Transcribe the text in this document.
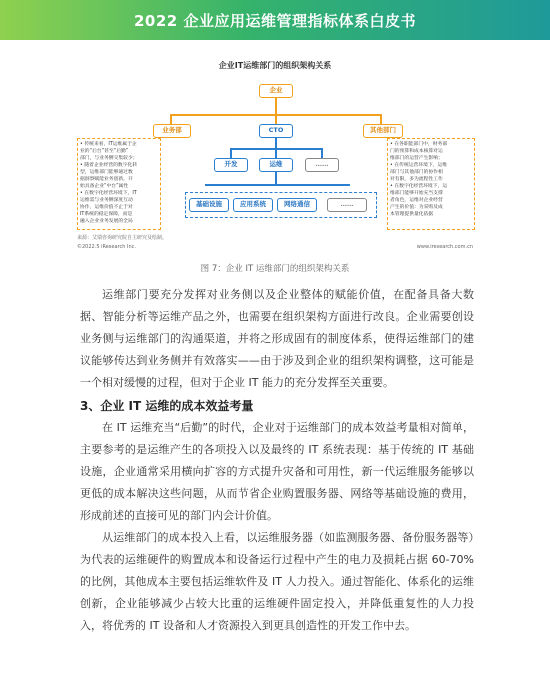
2022 企业应用运维管理指标体系白皮书
企业IT运维部门的组织架构关系
企业
业务部	CTO	其他部门
开发	运维	……
基础设施	应用系统	网络通信	……
• 传统来看，IT运维属于企
业的“后台”甚至“后勤”
部门，与业务侧交集较少；
• 随着企业经营的数字化转
型，运维部门能够通过数
据洞察赋能业务创新，开
始具备企业“中台”属性
• 在数字化经营环境下，IT
运维需与业务侧深度互动
协作，运维价值不止于对
IT系统的稳定保障，而是
融入企业业务发展的全局
• 在各职能部门中，财务部
门的预算和成本核算对运
维部门的运营产生影响；
• 在传统运营环境下，运维
部门与其他部门的协作相
对有限，多为流程性工作
• 在数字化经营环境下，运
维部门能够开始充当支撑
者角色，运维对企业经营
产生的价值：为采购及成
本管理提供量化依据
来源：艾瑞咨询研究院自主研究及绘制。
©2022.5 iResearch Inc.	www.iresearch.com.cn
图 7：企业 IT 运维部门的组织架构关系

运维部门要充分发挥对业务侧以及企业整体的赋能价值，在配备具备大数据、智能分析等运维产品之外，也需要在组织架构方面进行改良。企业需要创设业务侧与运维部门的沟通渠道，并将之形成固有的制度体系，使得运维部门的建议能够传达到业务侧并有效落实——由于涉及到企业的组织架构调整，这可能是一个相对缓慢的过程，但对于企业 IT 能力的充分发挥至关重要。

3、企业 IT 运维的成本效益考量

在 IT 运维充当“后勤”的时代，企业对于运维部门的成本效益考量相对简单，主要参考的是运维产生的各项投入以及最终的 IT 系统表现：基于传统的 IT 基础设施，企业通常采用横向扩容的方式提升灾备和可用性，新一代运维服务能够以更低的成本解决这些问题，从而节省企业购置服务器、网络等基础设施的费用，形成前述的直接可见的部门内会计价值。

从运维部门的成本投入上看，以运维服务器（如监测服务器、备份服务器等）为代表的运维硬件的购置成本和设备运行过程中产生的电力及损耗占据 60-70%的比例，其他成本主要包括运维软件及 IT 人力投入。通过智能化、体系化的运维创新，企业能够减少占较大比重的运维硬件固定投入，并降低重复性的人力投入，将优秀的 IT 设备和人才资源投入到更具创造性的开发工作中去。
